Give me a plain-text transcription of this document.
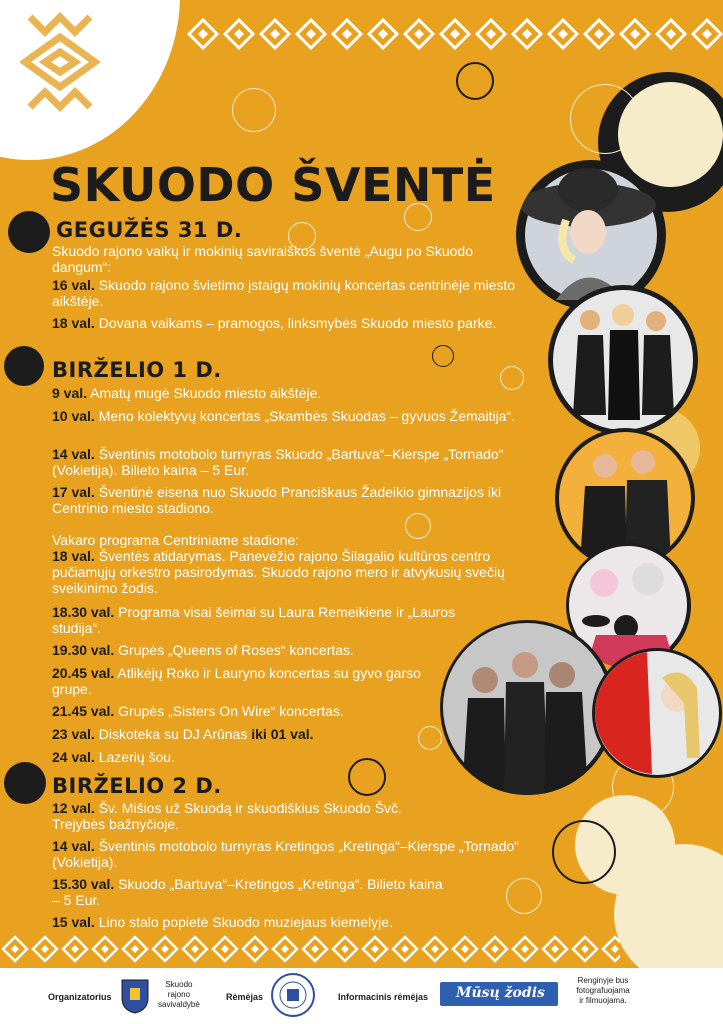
SKUODO ŠVENTĖ
GEGUŽĖS 31 D.
Skuodo rajono vaikų ir mokinių saviraiškos šventė „Augu po Skuodo dangum“:
16 val. Skuodo rajono švietimo įstaigų mokinių koncertas centrinėje miesto aikštėje.
18 val. Dovana vaikams – pramogos, linksmybės Skuodo miesto parke.
BIRŽELIO 1 D.
9 val. Amatų mugė Skuodo miesto aikštėje.
10 val. Meno kolektyvų koncertas „Skambės Skuodas – gyvuos Žemaitija“.
14 val. Šventinis motobolo turnyras Skuodo „Bartuva“–Kierspe „Tornado“ (Vokietija). Bilieto kaina – 5 Eur.
17 val. Šventinė eisena nuo Skuodo Pranciškaus Žadeikio gimnazijos iki Centrinio miesto stadiono.
Vakaro programa Centriniame stadione:
18 val. Šventės atidarymas. Panevėžio rajono Šilagalio kultūros centro pučiamųjų orkestro pasirodymas. Skuodo rajono mero ir atvykusių svečių sveikinimo žodis.
18.30 val. Programa visai šeimai su Laura Remeikiene ir „Lauros studija“.
19.30 val. Grupės „Queens of Roses“ koncertas.
20.45 val. Atlikėjų Roko ir Lauryno koncertas su gyvo garso grupe.
21.45 val. Grupės „Sisters On Wire“ koncertas.
23 val. Diskoteka su DJ Arūnas iki 01 val.
24 val. Lazerių šou.
BIRŽELIO 2 D.
12 val. Šv. Mišios už Skuodą ir skuodiškius Skuodo Švč. Trejybės bažnyčioje.
14 val. Šventinis motobolo turnyras Kretingos „Kretinga“–Kierspe „Tornado“ (Vokietija).
15.30 val. Skuodo „Bartuva“–Kretingos „Kretinga“. Bilieto kaina – 5 Eur.
15 val. Lino stalo popietė Skuodo muziejaus kiemelyje.
Organizatorius
Skuodo
rajono
savivaldybė
Rėmėjas	Informacinis rėmėjas Mūsų žodis
Renginyje bus
fotografuojama
ir filmuojama.
